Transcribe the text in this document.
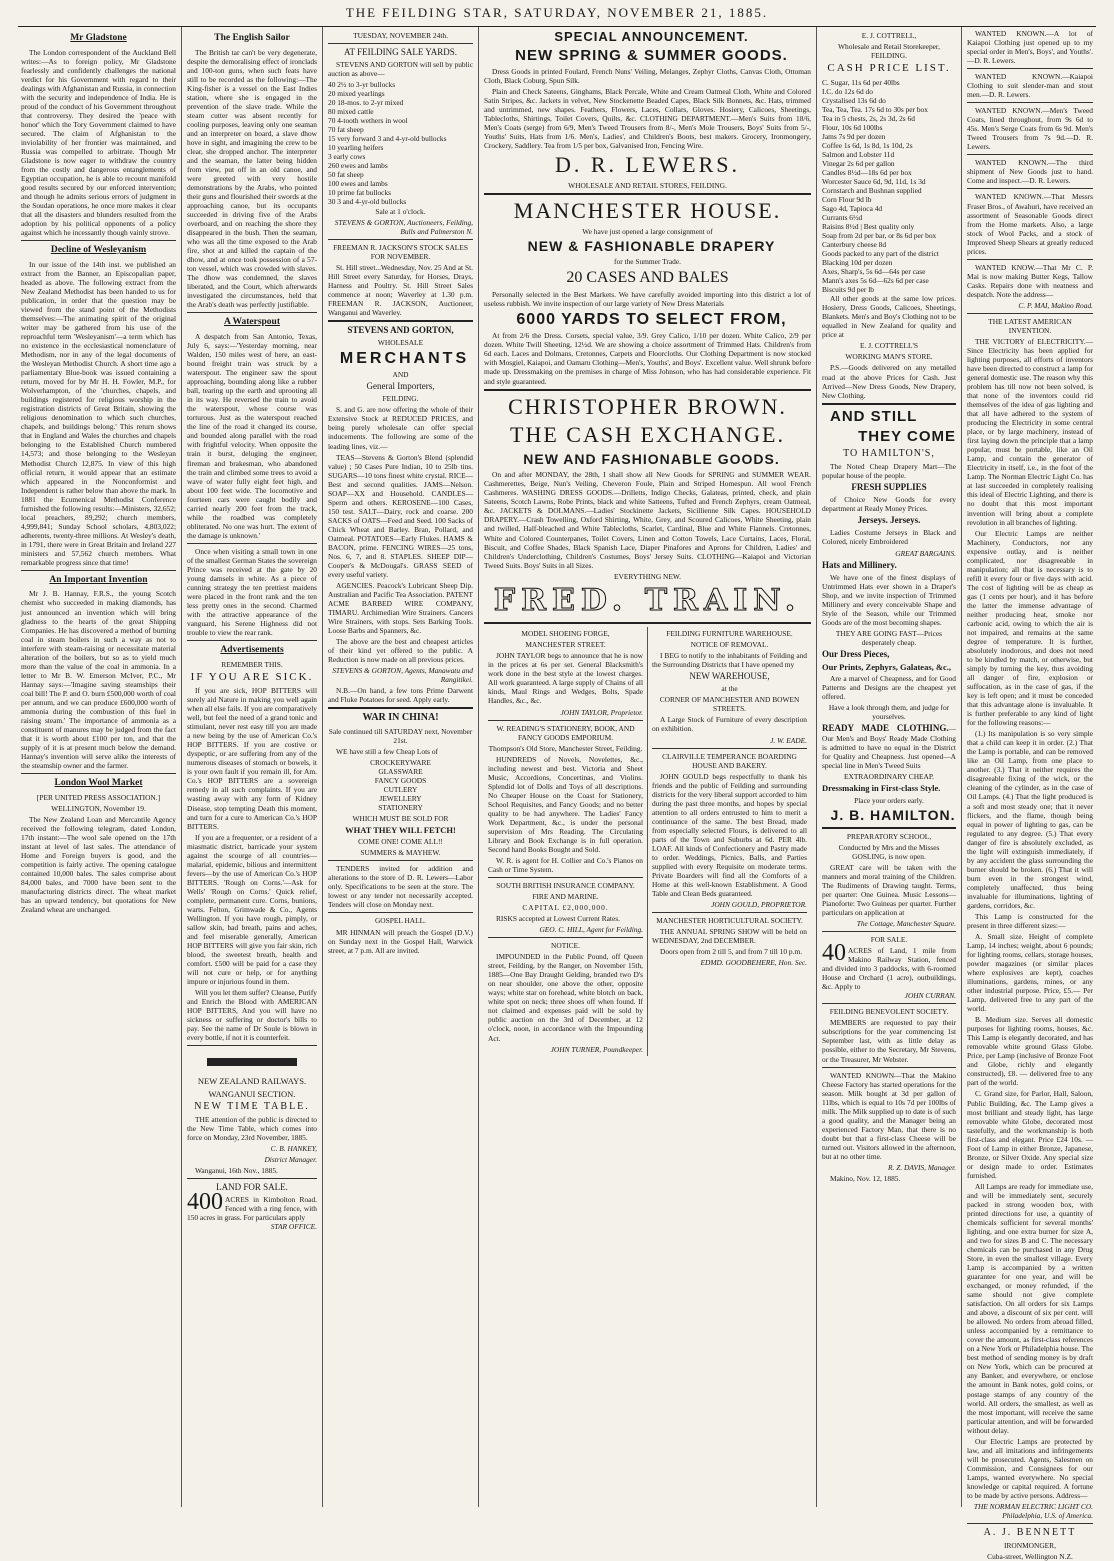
THE FEILDING STAR, SATURDAY, NOVEMBER 21, 1885.
Mr Gladstone

The London correspondent of the Auckland Bell writes:—As to foreign policy, Mr Gladstone fearlessly and confidently challenges the national verdict for his Government with regard to their dealings with Afghanistan and Russia, in connection with the security and independence of India. He is proud of the conduct of his Government throughout that controversy. They desired the 'peace with honor' which the Tory Government claimed to have secured. The claim of Afghanistan to the inviolability of her frontier was maintained, and Russia was compelled to arbitrate. Though Mr Gladstone is now eager to withdraw the country from the costly and dangerous entanglements of Egyptian occupation, he is able to recount manifold good results secured by our enforced intervention; and though he admits serious errors of judgment in the Soudan operations, he once more makes it clear that all the disasters and blunders resulted from the adoption by his political opponents of a policy against which he incessantly though vainly strove.

Decline of Wesleyanism

In our issue of the 14th inst. we published an extract from the Banner, an Episcopalian paper, headed as above. The following extract from the New Zealand Methodist has been handed to us for publication, in order that the question may be viewed from the stand point of the Methodists themselves:—The animating spirit of the original writer may be gathered from his use of the reproachful term 'Wesleyanism'—a term which has no existence in the ecclesiastical nomenclature of Methodism, nor in any of the legal documents of the Wesleyan Methodist Church. A short time ago a parliamentary Blue-book was issued containing a return, moved for by Mr H. H. Fowler, M.P., for Wolverhampton, of the 'churches, chapels, and buildings registered for religious worship in the registration districts of Great Britain, showing the religious denomination to which such churches, chapels, and buildings belong.' This return shows that in England and Wales the churches and chapels belonging to the Established Church numbered 14,573; and those belonging to the Wesleyan Methodist Church 12,875. In view of this high official return, it would appear that an estimate which appeared in the Nonconformist and Independent is rather below than above the mark. In 1881 the Ecumenical Methodist Conference furnished the following results:—Ministers, 32,652; local preachers, 89,292; church members, 4,999,841; Sunday School scholars, 4,803,022; adherents, twenty-three millions. At Wesley's death, in 1791, there were in Great Britain and Ireland 227 ministers and 57,562 church members. What remarkable progress since that time!

An Important Invention

Mr J. B. Hannay, F.R.S., the young Scotch chemist who succeeded in making diamonds, has just announced an invention which will bring gladness to the hearts of the great Shipping Companies. He has discovered a method of burning coal in steam boilers in such a way as not to interfere with steam-raising or necessitate material alteration of the boilers, but so as to yield much more than the value of the coal in ammonia. In a letter to Mr B. W. Emerson McIver, P.C., Mr Hannay says:—'Imagine saving steamships their coal bill! The P. and O. burn £500,000 worth of coal per annum, and we can produce £600,000 worth of ammonia during the combustion of this fuel in raising steam.' The importance of ammonia as a constituent of manures may be judged from the fact that it is worth about £100 per ton, and that the supply of it is at present much below the demand. Hannay's invention will serve alike the interests of the steamship owner and the farmer.

London Wool Market

[PER UNITED PRESS ASSOCIATION.]

WELLINGTON, November 19.

The New Zealand Loan and Mercantile Agency received the following telegram, dated London, 17th instant:—The wool sale opened on the 17th instant at level of last sales. The attendance of Home and Foreign buyers is good, and the competition is fairly active. The opening catalogue contained 10,000 bales. The sales comprise about 84,000 bales, and 7000 have been sent to the manufacturing districts direct. The wheat market has an upward tendency, but quotations for New Zealand wheat are unchanged.

The English Sailor

The British tar can't be very degenerate, despite the demoralising effect of ironclads and 100-ton guns, when such feats have still to be recorded as the following:—The King-fisher is a vessel on the East Indies station, where she is engaged in the prevention of the slave trade. While the steam cutter was absent recently for cooling purposes, leaving only one seaman and an interpreter on board, a slave dhow hove in sight, and imagining the crew to be clear, she dropped anchor. The interpreter and the seaman, the latter being hidden from view, put off in an old canoe, and were greeted with very hostile demonstrations by the Arabs, who pointed their guns and flourished their swords at the approaching canoe, but its occupants succeeded in driving five of the Arabs overboard, and on reaching the shore they disappeared in the bush. Then the seaman, who was all the time exposed to the Arab fire, shot at and killed the captain of the dhow, and at once took possession of a 57-ton vessel, which was crowded with slaves. The dhow was condemned, the slaves liberated, and the Court, which afterwards investigated the circumstances, held that the Arab's death was perfectly justifiable.

A Waterspout

A despatch from San Antonio, Texas, July 6, says:—'Yesterday morning, near Walden, 150 miles west of here, an east-bound freight train was struck by a waterspout. The engineer saw the spout approaching, bounding along like a rubber ball, tearing up the earth and uprooting all in its way. He reversed the train to avoid the waterspout, whose course was torturous. Just as the waterspout reached the line of the road it changed its course, and bounded along parallel with the road with frightful velocity. When opposite the train it burst, deluging the engineer, fireman and brakesman, who abandoned the train and climbed some trees to avoid a wave of water fully eight feet high, and about 100 feet wide. The locomotive and fourteen cars were caught bodily and carried nearly 200 feet from the track, while the roadbed was completely obliterated. No one was hurt. The extent of the damage is unknown.'

Once when visiting a small town in one of the smallest German States the sovereign Prince was received at the gate by 20 young damsels in white. As a piece of cunning strategy the ten prettiest maidens were placed in the front rank and the ten less pretty ones in the second. Charmed with the attractive appearance of the vanguard, his Serene Highness did not trouble to view the rear rank.

Advertisements

REMEMBER THIS.

IF YOU ARE SICK.

If you are sick, HOP BITTERS will surely aid Nature in making you well again when all else fails. If you are comparatively well, but feel the need of a grand tonic and stimulant, never rest easy till you are made a new being by the use of American Co.'s HOP BITTERS. If you are costive or dyspeptic, or are suffering from any of the numerous diseases of stomach or bowels, it is your own fault if you remain ill, for Am. Co.'s HOP BITTERS are a sovereign remedy in all such complaints. If you are wasting away with any form of Kidney Disease, stop tempting Death this moment, and turn for a cure to American Co.'s HOP BITTERS.

If you are a frequenter, or a resident of a miasmatic district, barricade your system against the scourge of all countries—malarial, epidemic, bilious and intermittent fevers—by the use of American Co.'s HOP BITTERS. 'Rough on Corns.'—Ask for Wells' 'Rough on Corns.' Quick relief, complete, permanent cure. Corns, bunions, warts. Felton, Grimwade & Co., Agents Wellington. If you have rough, pimply, or sallow skin, bad breath, pains and aches, and feel miserable generally, American HOP BITTERS will give you fair skin, rich blood, the sweetest breath, health and comfort. £500 will be paid for a case they will not cure or help, or for anything impure or injurious found in them.

Will you let them suffer? Cleanse, Purify and Enrich the Blood with AMERICAN HOP BITTERS, And you will have no sickness or suffering or doctor's bills to pay. See the name of Dr Soule is blown in every bottle, if not it is counterfeit.

NEW ZEALAND RAILWAYS.

WANGANUI SECTION.

NEW TIME TABLE.

THE attention of the public is directed to the New Time Table, which comes into force on Monday, 23rd November, 1885.

C. B. HANKEY,

District Manager.

Wanganui, 16th Nov., 1885.

LAND FOR SALE.

400 ACRES in Kimbolton Road. Fenced with a ring fence, with 150 acres in grass. For particulars apply

STAR OFFICE.

TUESDAY, NOVEMBER 24th.

AT FEILDING SALE YARDS.

STEVENS AND GORTON will sell by public auction as above—

40 2½ to 3-yr bullocks

20 mixed yearlings

20 18-mos. to 2-yr mixed

80 mixed cattle

70 4-tooth wethers in wool

70 fat sheep

15 very forward 3 and 4-yr-old bullocks

10 yearling heifers

3 early cows

260 ewes and lambs

50 fat sheep

100 ewes and lambs

10 prime fat bullocks

30 3 and 4-yr-old bullocks

Sale at 1 o'clock.

STEVENS & GORTON, Auctioneers, Feilding, Bulls and Palmerston N.

FREEMAN R. JACKSON'S STOCK SALES FOR NOVEMBER.

St. Hill street...Wednesday, Nov. 25 And at St. Hill Street every Saturday, for Horses, Drays, Harness and Poultry. St. Hill Street Sales commence at noon; Waverley at 1.30 p.m. FREEMAN R. JACKSON, Auctioneer, Wanganui and Waverley.

STEVENS AND GORTON,

WHOLESALE

MERCHANTS

AND

General Importers,

FEILDING.

S. and G. are now offering the whole of their Extensive Stock at REDUCED PRICES, and being purely wholesale can offer special inducements. The following are some of the leading lines, viz.—

TEAS—Stevens & Gorton's Blend (splendid value) ; 50 Cases Pure Indian, 10 to 25lb tins. SUGARS—10 tons finest white crystal. RICE—Best and second qualities. JAMS—Nelson. SOAP—XX and Household. CANDLES—Sperm and others. KEROSENE—100 Cases, 150 test. SALT—Dairy, rock and coarse. 200 SACKS of OATS—Feed and Seed. 100 Sacks of Chick Wheat and Barley. Bran, Pollard, and Oatmeal. POTATOES—Early Flukes. HAMS & BACON, prime. FENCING WIRES—25 tons, Nos. 6, 7, and 8. STAPLES. SHEEP DIP—Cooper's & McDougal's. GRASS SEED of every useful variety.

AGENCIES. Peacock's Lubricant Sheep Dip. Australian and Pacific Tea Association. PATENT ACME BARBED WIRE COMPANY, TIMARU. Archimedian Wire Strainers. Cancers Wire Strainers, with stops. Sets Barking Tools. Loose Barbs and Spanners, &c.

The above are the best and cheapest articles of their kind yet offered to the public. A Reduction is now made on all previous prices.

STEVENS & GORTON, Agents, Manawatu and Rangitikei.

N.B.—On hand, a few tons Prime Darwent and Fluke Potatoes for seed. Apply early.

WAR IN CHINA!

Sale continued till SATURDAY next, November 21st.

WE have still a few Cheap Lots of

CROCKERYWARE

GLASSWARE

FANCY GOODS

CUTLERY

JEWELLERY

STATIONERY

WHICH MUST BE SOLD FOR

WHAT THEY WILL FETCH!

COME ONE! COME ALL!!

SUMMERS & MAYHEW.

TENDERS invited for addition and alterations to the store of D. R. Lewers—Labor only. Specifications to be seen at the store. The lowest or any tender not necessarily accepted. Tenders will close on Monday next.

GOSPEL HALL.

MR HINMAN will preach the Gospel (D.V.) on Sunday next in the Gospel Hall, Warwick street, at 7 p.m. All are invited.

SPECIAL ANNOUNCEMENT.

NEW SPRING & SUMMER GOODS.

Dress Goods in printed Foulard, French Nuns' Veiling, Melanges, Zephyr Cloths, Canvas Cloth, Ottoman Cloth, Black Coburg, Spun Silk.

Plain and Check Sateens, Ginghams, Black Percale, White and Cream Oatmeal Cloth, White and Colored Satin Stripes, &c. Jackets in velvet, New Stockenette Beaded Capes, Black Silk Bonnets, &c. Hats, trimmed and untrimmed, new shapes. Feathers, Flowers, Laces, Collars, Gloves. Hosiery, Calicoes, Sheetings, Tablecloths, Shirtings, Toilet Covers, Quilts, &c. CLOTHING DEPARTMENT.—Men's Suits from 18/6, Men's Coats (serge) from 6/9, Men's Tweed Trousers from 8/-, Men's Mole Trousers, Boys' Suits from 5/-, Youths' Suits, Hats from 1/6. Men's, Ladies', and Children's Boots, best makers. Grocery, Ironmongery, Crockery, Saddlery. Tea from 1/5 per box, Galvanised Iron, Fencing Wire.

D. R. LEWERS.

WHOLESALE AND RETAIL STORES, FEILDING.

MANCHESTER HOUSE.

We have just opened a large consignment of

NEW & FASHIONABLE DRAPERY

for the Summer Trade.

20 CASES AND BALES

Personally selected in the Best Markets. We have carefully avoided importing into this district a lot of useless rubbish. We invite inspection of our large variety of New Dress Materials

6000 YARDS TO SELECT FROM,

At from 2/6 the Dress. Corsets, special value, 3/9. Grey Calico, 1/10 per dozen. White Calico, 2/9 per dozen. White Twill Sheeting, 12½d. We are showing a choice assortment of Trimmed Hats. Children's from 6d each. Laces and Dolmans, Cretonnes, Carpets and Floorcloths. Our Clothing Department is now stocked with Mosgiel, Kaiapoi, and Oamaru Clothing—Men's, Youths', and Boys'. Excellent value. Well shrunk before made up. Dressmaking on the premises in charge of Miss Johnson, who has had considerable experience. Fit and style guaranteed.

CHRISTOPHER BROWN.

THE CASH EXCHANGE.

NEW AND FASHIONABLE GOODS.

On and after MONDAY, the 28th, I shall show all New Goods for SPRING and SUMMER WEAR. Cashmerettes, Beige, Nun's Veiling, Cheveron Foule, Plain and Striped Homespun. All wool French Cashmeres. WASHING DRESS GOODS.—Drilletts, Indigo Checks, Galateas, printed, check, and plain Sateens, Scotch Lawns, Robe Prints, black and white Satteens, Tufted and French Zephyrs, cream Oatmeal, &c. JACKETS & DOLMANS.—Ladies' Stockinette Jackets, Sicillienne Silk Capes. HOUSEHOLD DRAPERY.—Crash Towelling, Oxford Shirting, White, Grey, and Scoured Calicoes, White Sheeting, plain and twilled, Half-bleached and White Tablecloths, Scarlet, Cardinal, Blue and White Flannels. Cretonnes, White and Colored Counterpanes, Toilet Covers, Linen and Cotton Towels, Lace Curtains, Laces, Floral, Biscuit, and Coffee Shades, Black Spanish Lace, Diaper Pinafores and Aprons for Children, Ladies' and Children's Underclothing, Children's Costumes, Boys' Jersey Suits. CLOTHING—Kaiapoi and Victorian Tweed Suits. Boys' Suits in all Sizes.

EVERYTHING NEW.

FRED. TRAIN.

MODEL SHOEING FORGE,

MANCHESTER STREET.

JOHN TAYLOR begs to announce that he is now in the prices at 6s per set. General Blacksmith's work done in the best style at the lowest charges. All work guaranteed. A large supply of Chains of all kinds, Maul Rings and Wedges, Bolts, Spade Handles, &c., &c.

JOHN TAYLOR, Proprietor.

W. READING'S STATIONERY, BOOK, AND FANCY GOODS EMPORIUM.

Thompson's Old Store, Manchester Street, Feilding.

HUNDREDS of Novels, Novelettes, &c., including newest and best. Victoria and Sheet Music, Accordions, Concertinas, and Violins. Splendid lot of Dolls and Toys of all descriptions. No Cheaper House on the Coast for Stationery, School Requisites, and Fancy Goods; and no better quality to be had anywhere. The Ladies' Fancy Work Department, &c., is under the personal supervision of Mrs Reading. The Circulating Library and Book Exchange is in full operation. Second hand Books Bought and Sold.

W. R. is agent for H. Collier and Co.'s Pianos on Cash or Time System.

SOUTH BRITISH INSURANCE COMPANY.

FIRE AND MARINE.

CAPITAL £2,000,000.

RISKS accepted at Lowest Current Rates.

GEO. C. HILL, Agent for Feilding.

NOTICE.

IMPOUNDED in the Public Pound, off Queen street, Feilding, by the Ranger, on November 15th, 1885—One Bay Draught Gelding, branded two D's on near shoulder, one above the other, opposite ways; white star on forehead, white blotch on back, white spot on neck; three shoes off when found. If not claimed and expenses paid will be sold by public auction on the 3rd of December, at 12 o'clock, noon, in accordance with the Impounding Act.

JOHN TURNER, Poundkeeper.

FEILDING FURNITURE WAREHOUSE.

NOTICE OF REMOVAL.

I BEG to notify to the inhabitants of Feilding and the Surrounding Districts that I have opened my

NEW WAREHOUSE,

at the

CORNER OF MANCHESTER AND BOWEN STREETS.

A Large Stock of Furniture of every description on exhibition.

J. W. EADE.

CLAIRVILLE TEMPERANCE BOARDING HOUSE AND BAKERY.

JOHN GOULD begs respectfully to thank his friends and the public of Feilding and surrounding districts for the very liberal support accorded to him during the past three months, and hopes by special attention to all orders entrusted to him to merit a continuance of the same. The best Bread, made from especially selected Flours, is delivered to all parts of the Town and Suburbs at 6d. PER 4lb. LOAF. All kinds of Confectionery and Pastry made to order. Weddings, Picnics, Balls, and Parties supplied with every Requisite on moderate terms. Private Boarders will find all the Comforts of a Home at this well-known Establishment. A Good Table and Clean Beds guaranteed.

JOHN GOULD, PROPRIETOR.

MANCHESTER HORTICULTURAL SOCIETY.

THE ANNUAL SPRING SHOW will be held on WEDNESDAY, 2nd DECEMBER.

Doors open from 2 till 5, and from 7 till 10 p.m.

EDMD. GOODBEHERE, Hon. Sec.

E. J. COTTRELL,

Wholesale and Retail Storekeeper, FEILDING.

CASH PRICE LIST.

C. Sugar, 11s 6d per 40lbs

I.C. do 12s 6d do

Crystalised 13s 6d do

Tea, Tea, Tea. 17s 6d to 30s per box

Tea in 5 chests, 2s, 2s 3d, 2s 6d

Flour, 10s 6d 100lbs

Jams 7s 9d per dozen

Coffee 1s 6d, 1s 8d, 1s 10d, 2s

Salmon and Lobster 11d

Vinegar 2s 6d per gallon

Candles 8½d—18s 6d per box

Worcester Sauce 6d, 9d, 11d, 1s 3d

Cornstarch and Bushnan supplied

Corn Flour 9d lb

Sago 4d, Tapioca 4d

Currants 6½d

Raisins 8½d | Best quality only

Soap from 2d per bar, or 8s 6d per box

Canterbury cheese 8d

Goods packed to any part of the district

Blacking 10d per dozen

Axes, Sharp's, 5s 6d—64s per case

Mann's axes 5s 6d—62s 6d per case

Biscuits 9d per lb

All other goods at the same low prices. Hosiery, Dress Goods, Calicoes, Sheetings, Blankets. Men's and Boy's Clothing not to be equalled in New Zealand for quality and price at

E. J. COTTRELL'S

WORKING MAN'S STORE.

P.S.—Goods delivered on any metalled road at the above Prices for Cash. Just Arrived—New Dress Goods, New Drapery, New Clothing.

AND STILL

THEY COME

TO HAMILTON'S,

The Noted Cheap Drapery Mart—The popular house of the people.

FRESH SUPPLIES

of Choice New Goods for every department at Ready Money Prices.

Jerseys. Jerseys.

Ladies Costume Jerseys in Black and Colored, nicely Embroidered

GREAT BARGAINS.

Hats and Millinery.

We have one of the finest displays of Untrimmed Hats ever shown in a Draper's Shop, and we invite inspection of Trimmed Millinery and every conceivable Shape and Style of the Season, while our Trimmed Goods are of the most becoming shapes.

THEY ARE GOING FAST—Prices desperately cheap.

Our Dress Pieces,

Our Prints, Zephyrs, Galateas, &c.,

Are a marvel of Cheapness, and for Good Patterns and Designs are the cheapest yet offered.

Have a look through them, and judge for yourselves.

READY MADE CLOTHING.—Our Men's and Boys' Ready Made Clothing is admitted to have no equal in the District for Quality and Cheapness. Just opened—A special line in Men's Tweed Suits

EXTRAORDINARY CHEAP.

Dressmaking in First-class Style.

Place your orders early.

J. B. HAMILTON.

PREPARATORY SCHOOL,

Conducted by Mrs and the Misses GOSLING, is now open.

GREAT care will be taken with the manners and moral training of the Children. The Rudiments of Drawing taught. Terms, per quarter: One Guinea. Music Lessons—Pianoforte: Two Guineas per quarter. Further particulars on application at

The Cottage, Manchester Square.

FOR SALE.

40 ACRES of Land, 1 mile from Makino Railway Station, fenced and divided into 3 paddocks, with 6-roomed House and Orchard (1 acre), outbuildings, &c. Apply to

JOHN CURRAN.

FEILDING BENEVOLENT SOCIETY.

MEMBERS are requested to pay their subscriptions for the year commencing 1st September last, with as little delay as possible, either to the Secretary, Mr Stevens, or the Treasurer, Mr Webster.

WANTED KNOWN—That the Makino Cheese Factory has started operations for the season. Milk bought at 3d per gallon of 11lbs, which is equal to 10s 7d per 100lbs of milk. The Milk supplied up to date is of such a good quality, and the Manager being an experienced Factory Man, that there is no doubt but that a first-class Cheese will be turned out. Visitors allowed in the afternoon, but at no other time.

R. Z. DAVIS, Manager.

Makino, Nov. 12, 1885.

WANTED KNOWN.—A lot of Kaiapoi Clothing just opened up to my special order in Men's, Boys', and Youths'.—D. R. Lewers.

WANTED KNOWN.—Kaiapoi Clothing to suit slender-man and stout men.—D. R. Lewers.

WANTED KNOWN.—Men's Tweed Coats, lined throughout, from 9s 6d to 45s. Men's Serge Coats from 6s 9d. Men's Tweed Trousers from 7s 9d.—D. R. Lewers.

WANTED KNOWN.—The third shipment of New Goods just to hand. Come and inspect.—D. R. Lewers.

WANTED KNOWN.—That Messrs Fraser Bros., of Awahuri, have received an assortment of Seasonable Goods direct from the Home markets. Also, a large stock of Wool Packs, and a stock of Improved Sheep Shears at greatly reduced prices.

WANTED KNOW.—That Mr C. P. Mai is now making Butter Kegs, Tallow Casks. Repairs done with neatness and despatch. Note the address—

C. P. MAI, Makino Road.

THE LATEST AMERICAN INVENTION.

THE VICTORY of ELECTRICITY.—Since Electricity has been applied for lighting purposes, all efforts of inventors have been directed to construct a lamp for general domestic use. The reason why this problem has till now not been solved, is that none of the inventors could rid themselves of the idea of gas lighting and that all have adhered to the system of producing the Electricity in some central place, or by large machinery, instead of first laying down the principle that a lamp popular, must be portable, like an Oil Lamp, and contain the generator of Electricity in itself, i.e., in the foot of the Lamp. The Norman Electric Light Co. has at last succeeded in completely realising this ideal of Electric Lighting, and there is no doubt that this most important invention will bring about a complete revolution in all branches of lighting.

Our Electric Lamps are neither Machinery, Conductors, nor any expensive outlay, and is neither complicated, nor disagreeable in manipulation; all that is necessary is to refill it every four or five days with acid. The cost of lighting will be as cheap as gas (1 cents per hour), and it has before the latter the immense advantage of neither producing heat, smoke nor carbonic acid, owing to which the air is not impaired, and remains at the same degree of temperature. It is further, absolutely inodorous, and does not need to be kindled by match, or otherwise, but simply by turning the key, thus avoiding all danger of fire, explosion or suffocation, as in the case of gas, if the key is left open; and it must be conceded that this advantage alone is invaluable. It is further preferable to any kind of light for the following reasons:—

(1.) Its manipulation is so very simple that a child can keep it in order. (2.) That the Lamp is portable, and can be removed like an Oil Lamp, from one place to another. (3.) That it neither requires the disagreeable fixing of the wick, or the cleaning of the cylinder, as in the case of Oil Lamps. (4.) That the light produced is a soft and most steady one; that it never flickers, and the flame, though being equal in power of lighting to gas, can be regulated to any degree. (5.) That every danger of fire is absolutely excluded, as the light will extinguish immediately, if by any accident the glass surrounding the burner should be broken. (6.) That it will burn even in the strongest wind, completely unaffected, thus being invaluable for illuminations, lighting of gardens, corridors, &c.

This Lamp is constructed for the present in three different sizes:—

A. Small size. Height of complete Lamp, 14 inches; weight, about 6 pounds; for lighting rooms, cellars, storage houses, powder magazines (or similar places where explosives are kept), coaches illuminations, gardens, mines, or any other industrial purpose. Price, £5.— Per Lamp, delivered free to any part of the world.

B. Medium size. Serves all domestic purposes for lighting rooms, houses, &c. This Lamp is elegantly decorated, and has removable white ground Glass Globe. Price, per Lamp (inclusive of Bronze Foot and Globe, richly and elegantly constructed), £8. — delivered free to any part of the world.

C. Grand size, for Parlor, Hall, Saloon, Public Building, &c. The Lamp gives a most brilliant and steady light, has large removable white Globe, decorated most tastefully, and the workmanship is both first-class and elegant. Price £24 10s. — Foot of Lamp in either Bronze, Japanese, Bronze, or Silver Oxide. Any special size or design made to order. Estimates furnished.

All Lamps are ready for immediate use, and will be immediately sent, securely packed in strong wooden box, with printed directions for use, a quantity of chemicals sufficient for several months' lighting, and one extra burner for size A, and two for sizes B and C. The necessary chemicals can be purchased in any Drug Store, in even the smallest village. Every Lamp is accompanied by a written guarantee for one year, and will be exchanged, or money refunded, if the same should not give complete satisfaction. On all orders for six Lamps and above, a discount of six per cent. will be allowed. No orders from abroad filled, unless accompanied by a remittance to cover the amount, as first-class references on a New York or Philadelphia house. The best method of sending money is by draft on New York, which can be procured at any Banker, and everywhere, or enclose the amount in Bank notes, gold coins, or postage stamps of any country of the world. All orders, the smallest, as well as the most important, will receive the same particular attention, and will be forwarded without delay.

Our Electric Lamps are protected by law, and all imitations and infringements will be prosecuted. Agents, Salesmen on Commission, and Consignees for our Lamps, wanted everywhere. No special knowledge or capital required. A fortune to be made by active persons. Address—

THE NORMAN ELECTRIC LIGHT CO. Philadelphia, U.S. of America.

A. J. BENNETT

IRONMONGER,

Cuba-street, Wellington N.Z.
